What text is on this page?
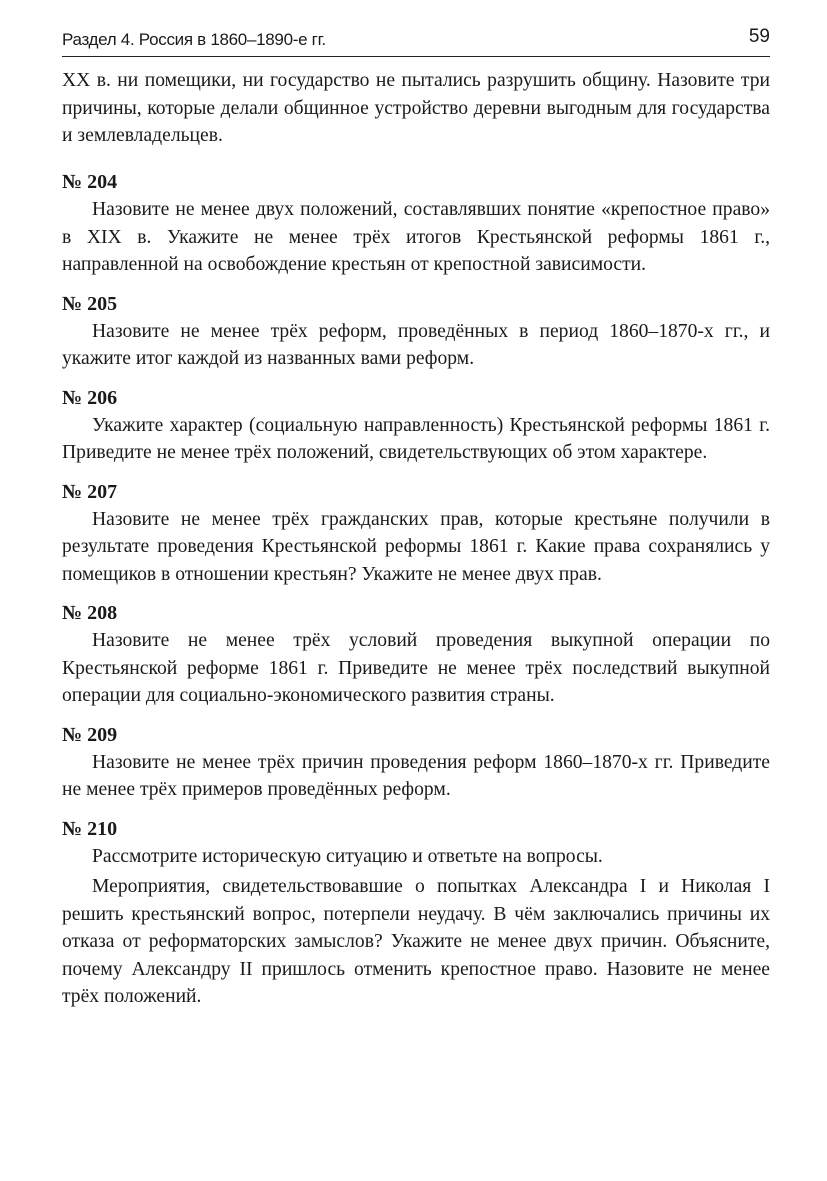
Раздел 4. Россия в 1860–1890-е гг.	59

XX в. ни помещики, ни государство не пытались разрушить общину. Назовите три причины, которые делали общинное устройство деревни выгодным для государства и землевладельцев.

№ 204

Назовите не менее двух положений, составлявших понятие «крепостное право» в XIX в. Укажите не менее трёх итогов Крестьянской реформы 1861 г., направленной на освобождение крестьян от крепостной зависимости.

№ 205

Назовите не менее трёх реформ, проведённых в период 1860–1870-х гг., и укажите итог каждой из названных вами реформ.

№ 206

Укажите характер (социальную направленность) Крестьянской реформы 1861 г. Приведите не менее трёх положений, свидетельствующих об этом характере.

№ 207

Назовите не менее трёх гражданских прав, которые крестьяне получили в результате проведения Крестьянской реформы 1861 г. Какие права сохранялись у помещиков в отношении крестьян? Укажите не менее двух прав.

№ 208

Назовите не менее трёх условий проведения выкупной операции по Крестьянской реформе 1861 г. Приведите не менее трёх последствий выкупной операции для социально-экономического развития страны.

№ 209

Назовите не менее трёх причин проведения реформ 1860–1870-х гг. Приведите не менее трёх примеров проведённых реформ.

№ 210

Рассмотрите историческую ситуацию и ответьте на вопросы.

Мероприятия, свидетельствовавшие о попытках Александра I и Николая I решить крестьянский вопрос, потерпели неудачу. В чём заключались причины их отказа от реформаторских замыслов? Укажите не менее двух причин. Объясните, почему Александру II пришлось отменить крепостное право. Назовите не менее трёх положений.
